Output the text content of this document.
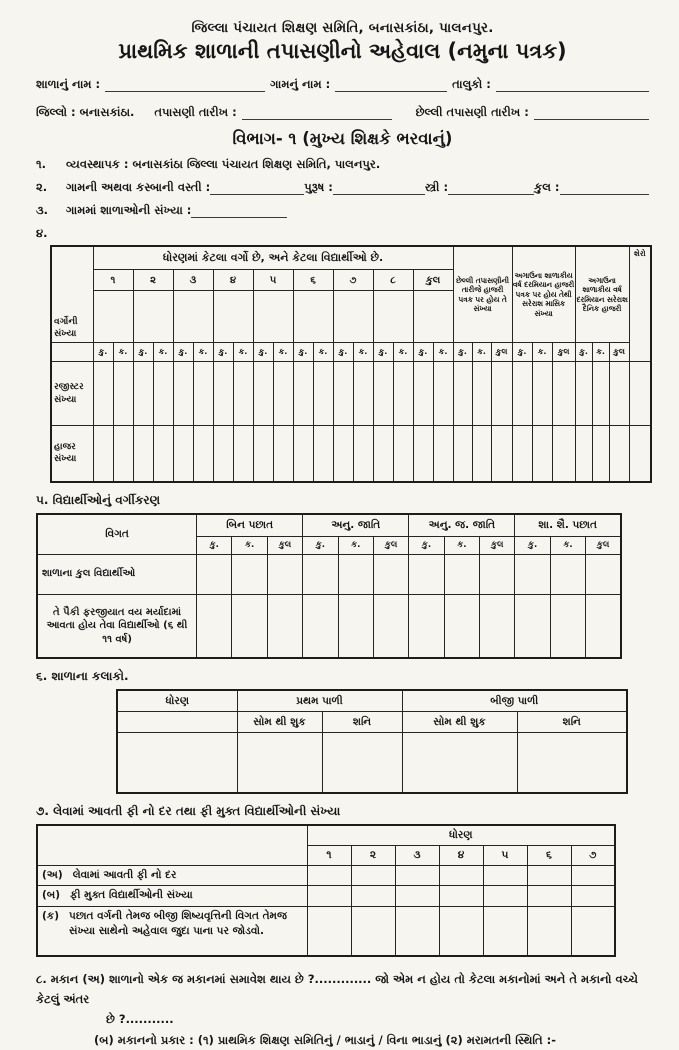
જિલ્લા પંચાયત શિક્ષણ સમિતિ, બનાસકાંઠા, પાલનપુર.
પ્રાથમિક શાળાની તપાસણીનો અહેવાલ (નમુના પત્રક)
શાળાનું નામ :	ગામનું નામ :	તાલુકો :
જિલ્લો : બનાસકાંઠા. તપાસણી તારીખ :	છેલ્લી તપાસણી તારીખ :
વિભાગ- ૧ (મુખ્ય શિક્ષકે ભરવાનું)
૧.	વ્યવસ્થાપક : બનાસકાંઠા જિલ્લા પંચાયત શિક્ષણ સમિતિ, પાલનપુર.
૨.	ગામની અથવા કસ્બાની વસ્તી :	પુરૂષ :	સ્ત્રી :	કુલ :
૩.	ગામમાં શાળાઓની સંખ્યા :
૪.
વર્ગોની સંખ્યા	ધોરણમાં કેટલા વર્ગો છે, અને કેટલા વિદ્યાર્થીઓ છે.																		છેલ્લી તપાસણીની તારીજે હાજરી પત્રક પર હોય તે સંખ્યા			અગાઉના શાળાકીય વર્ષ દરમિયાન હાજરી પત્રક પર હોય તેથી સરેરાશ માસિક સંખ્યા			અગાઉના શાળાકીય વર્ષ દરમિયાન સરેરાશ દૈનિક હાજરી			શેરો
	૧		૨		૩		૪		૫		૬		૭		૮		કુલ											

	કુ.	ક.	કુ.	ક.	કુ.	ક.	કુ.	ક.	કુ.	ક.	કુ.	ક.	કુ.	ક.	કુ.	ક.	કુ.	ક.	કુ.	ક.	કુલ	કુ.	ક.	કુલ	કુ.	ક.	કુલ	
રજીસ્ટર સંખ્યા																												
હાજર સંખ્યા																												
૫. વિદ્યાર્થીઓનું વર્ગીકરણ
વિગત	બિન પછાત			અનુ. જાતિ			અનુ. જ. જાતિ			શા. શૈ. પછાત		
	કુ.	ક.	કુલ	કુ.	ક.	કુલ	કુ.	ક.	કુલ	કુ.	ક.	કુલ
શાળાના કુલ વિદ્યાર્થીઓ												
તે પૈકી ફરજીયાત વય મર્યાદામાં આવતા હોય તેવા વિદ્યાર્થીઓ (૬ થી ૧૧ વર્ષ)												
૬. શાળાના કલાકો.
ધોરણ	પ્રથમ પાળી		બીજી પાળી	
	સોમ થી શુક	શનિ	સોમ થી શુક	શનિ

૭. લેવામાં આવતી ફી નો દર તથા ફી મુક્ત વિદ્યાર્થીઓની સંખ્યા
	ધોરણ						
	૧	૨	૩	૪	૫	૬	૭

(અ) લેવામાં આવતી ફી નો દર							

(બ) ફી મુક્ત વિદ્યાર્થીઓની સંખ્યા							

(ક) પછાત વર્ગની તેમજ બીજી શિષ્યવૃત્તિની વિગત તેમજ સંખ્યા સાથેનો અહેવાલ જુદા પાના પર જોડવો.							

૮. મકાન (અ) શાળાનો એક જ મકાનમાં સમાવેશ થાય છે ?............. જો એમ ન હોય તો કેટલા મકાનોમાં અને તે મકાનો વચ્ચે કેટલું અંતર
છે ?...........
(બ) મકાનનો પ્રકાર : (૧) પ્રાથમિક શિક્ષણ સમિતિનું / ભાડાનું / વિના ભાડાનું (૨) મરામતની સ્થિતિ :-
